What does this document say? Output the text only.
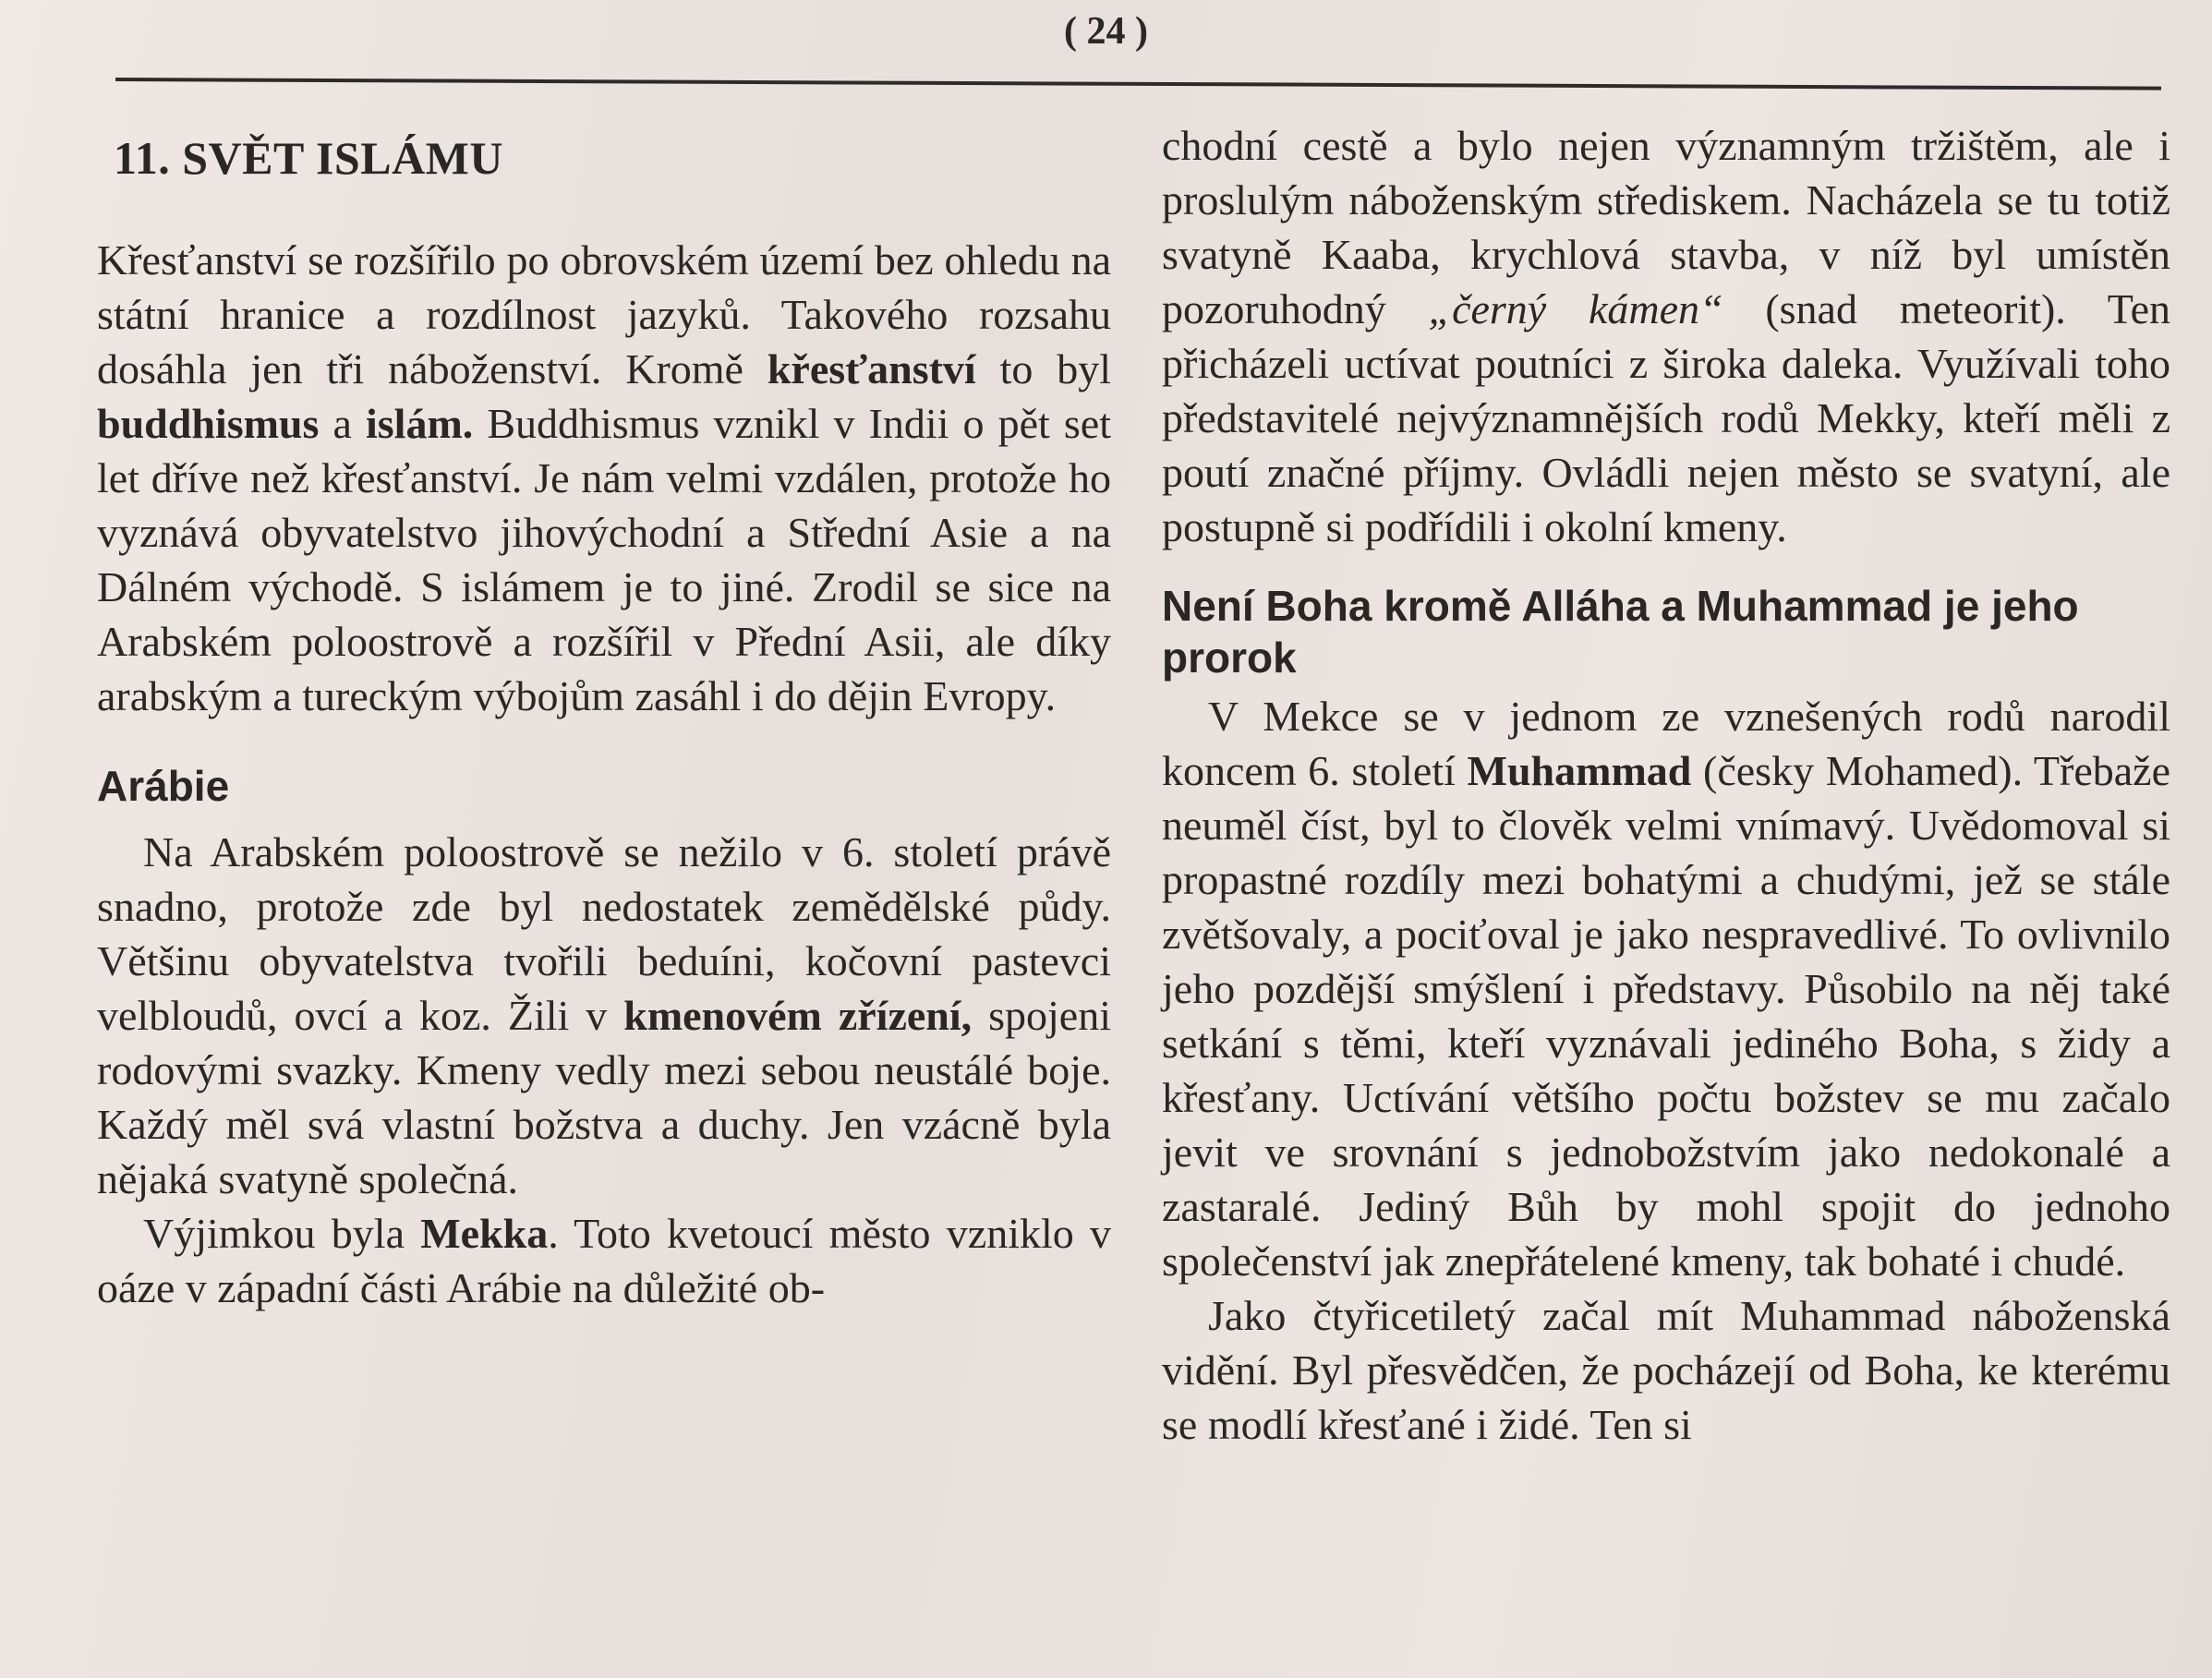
( 24 )
11. SVĚT ISLÁMU

Křesťanství se rozšířilo po obrovském území bez ohledu na státní hranice a rozdílnost jazyků. Takového rozsahu dosáhla jen tři náboženství. Kromě křesťanství to byl buddhismus a islám. Buddhismus vznikl v Indii o pět set let dříve než křesťanství. Je nám velmi vzdálen, protože ho vyznává obyvatelstvo jihovýchodní a Střední Asie a na Dálném východě. S islámem je to jiné. Zrodil se sice na Arabském poloostrově a rozšířil v Přední Asii, ale díky arabským a tureckým výbojům zasáhl i do dějin Evropy.

Arábie

Na Arabském poloostrově se nežilo v 6. století právě snadno, protože zde byl nedostatek zemědělské půdy. Většinu obyvatelstva tvořili beduíni, kočovní pastevci velbloudů, ovcí a koz. Žili v kmenovém zřízení, spojeni rodovými svazky. Kmeny vedly mezi sebou neustálé boje. Každý měl svá vlastní božstva a duchy. Jen vzácně byla nějaká svatyně společná.

Výjimkou byla Mekka. Toto kvetoucí město vzniklo v oáze v západní části Arábie na důležité ob-

chodní cestě a bylo nejen významným tržištěm, ale i proslulým náboženským střediskem. Nacházela se tu totiž svatyně Kaaba, krychlová stavba, v níž byl umístěn pozoruhodný „černý kámen“ (snad meteorit). Ten přicházeli uctívat poutníci z široka daleka. Využívali toho představitelé nejvýznamnějších rodů Mekky, kteří měli z poutí značné příjmy. Ovládli nejen město se svatyní, ale postupně si podřídili i okolní kmeny.

Není Boha kromě Alláha a Muhammad je jeho prorok

V Mekce se v jednom ze vznešených rodů narodil koncem 6. století Muhammad (česky Mohamed). Třebaže neuměl číst, byl to člověk velmi vnímavý. Uvědomoval si propastné rozdíly mezi bohatými a chudými, jež se stále zvětšovaly, a pociťoval je jako nespravedlivé. To ovlivnilo jeho pozdější smýšlení i představy. Působilo na něj také setkání s těmi, kteří vyznávali jediného Boha, s židy a křesťany. Uctívání většího počtu božstev se mu začalo jevit ve srovnání s jednobožstvím jako nedokonalé a zastaralé. Jediný Bůh by mohl spojit do jednoho společenství jak znepřátelené kmeny, tak bohaté i chudé.

Jako čtyřicetiletý začal mít Muhammad náboženská vidění. Byl přesvědčen, že pocházejí od Boha, ke kterému se modlí křesťané i židé. Ten si
